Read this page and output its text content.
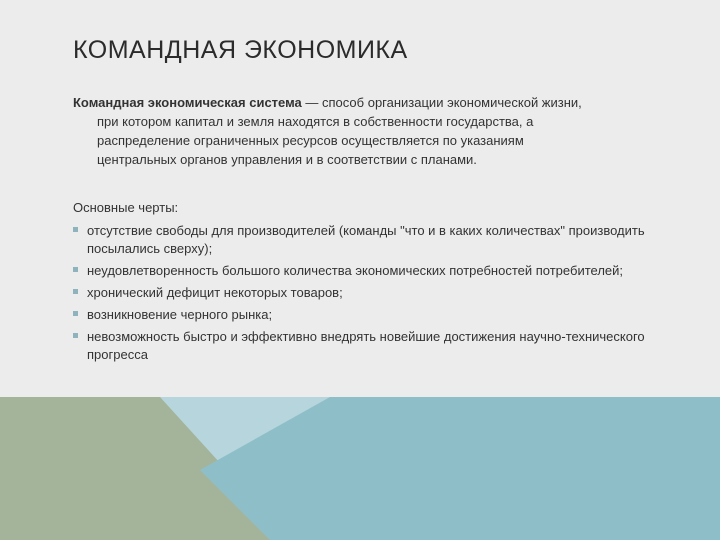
КОМАНДНАЯ ЭКОНОМИКА
Командная экономическая система — способ организации экономической жизни,
при котором капитал и земля находятся в собственности государства, а
распределение ограниченных ресурсов осуществляется по указаниям
центральных органов управления и в соответствии с планами.
Основные черты:
отсутствие свободы для производителей (команды "что и в каких количествах" производить посылались сверху);
неудовлетворенность большого количества экономических потребностей потребителей;
хронический дефицит некоторых товаров;
возникновение черного рынка;
невозможность быстро и эффективно внедрять новейшие достижения научно-технического прогресса
